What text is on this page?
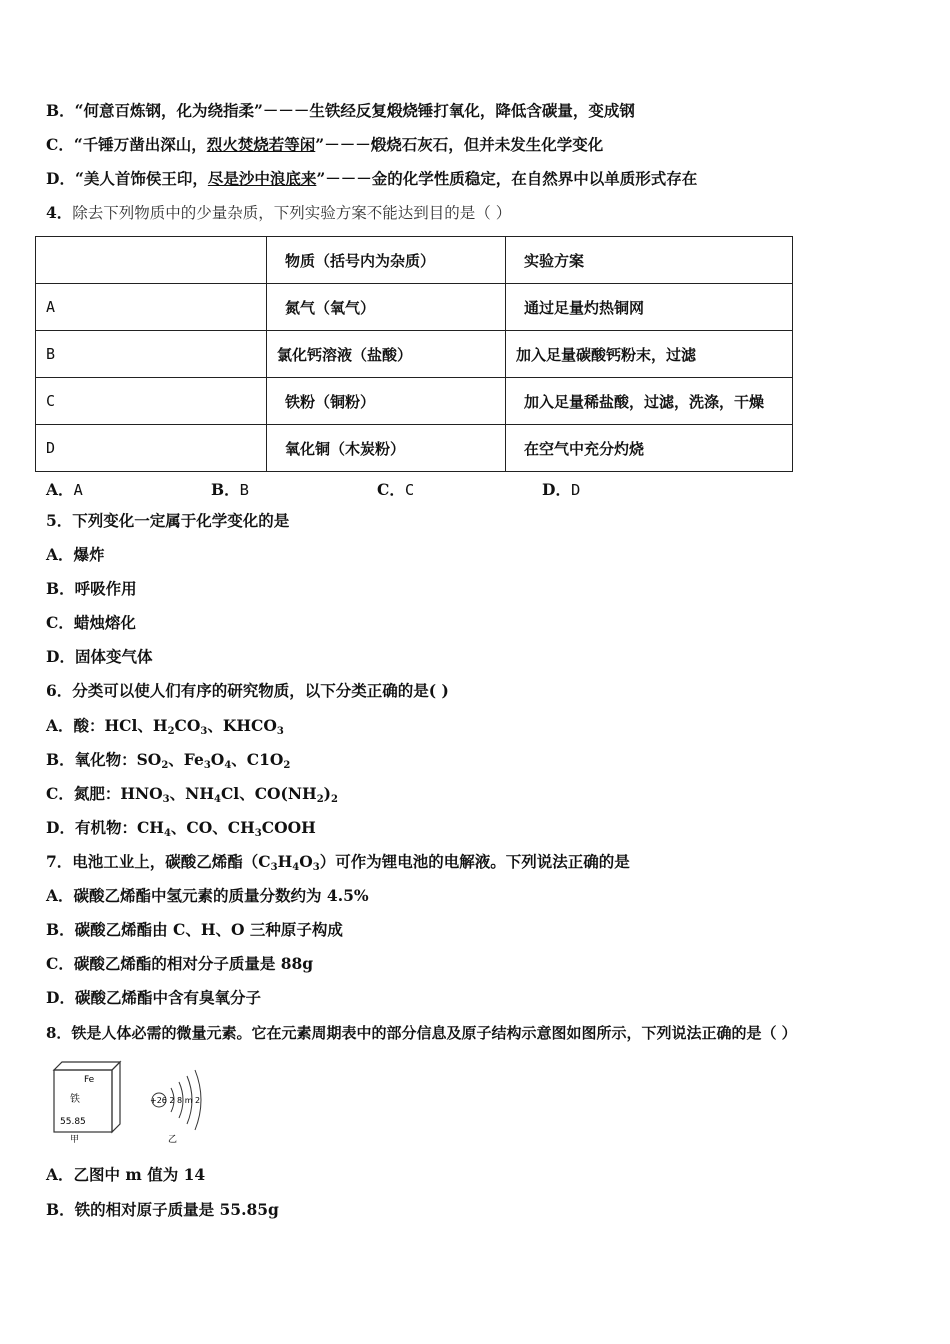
B．“何意百炼钢，化为绕指柔”－－－生铁经反复煅烧锤打氧化，降低含碳量，变成钢
C．“千锤万凿出深山，烈火焚烧若等闲”－－－煅烧石灰石，但并未发生化学变化
D．“美人首饰侯王印，尽是沙中浪底来”－－－金的化学性质稳定，在自然界中以单质形式存在
4．除去下列物质中的少量杂质，下列实验方案不能达到目的是（ ）
	物质（括号内为杂质）	实验方案
A	氮气（氧气）	通过足量灼热铜网
B	氯化钙溶液（盐酸）	加入足量碳酸钙粉末，过滤
C	铁粉（铜粉）	加入足量稀盐酸，过滤，洗涤，干燥
D	氧化铜（木炭粉）	在空气中充分灼烧
A．A	B．B	C．C	D．D
5．下列变化一定属于化学变化的是
A．爆炸
B．呼吸作用
C．蜡烛熔化
D．固体变气体
6．分类可以使人们有序的研究物质，以下分类正确的是( )
A．酸：HCl、$H_2CO_3$、$KHCO_3$
B．氧化物：$SO_2$、$Fe_3O_4$、$C1O_2$
C．氮肥：$HNO_3$、$NH_4Cl$、$CO(NH_2)_2$
D．有机物：$CH_4$、CO、$CH_3COOH$
7．电池工业上，碳酸乙烯酯$(C_3H_4O_3)$可作为锂电池的电解液。下列说法正确的是
A．碳酸乙烯酯中氢元素的质量分数约为 4.5%
B．碳酸乙烯酯由 C、H、O 三种原子构成
C．碳酸乙烯酯的相对分子质量是 88g
D．碳酸乙烯酯中含有臭氧分子
8．铁是人体必需的微量元素。它在元素周期表中的部分信息及原子结构示意图如图所示，下列说法正确的是（ ）
Fe
铁
55.85
甲
+26 2 8 m 2
乙
A．乙图中 m 值为 14
B．铁的相对原子质量是 55.85g
